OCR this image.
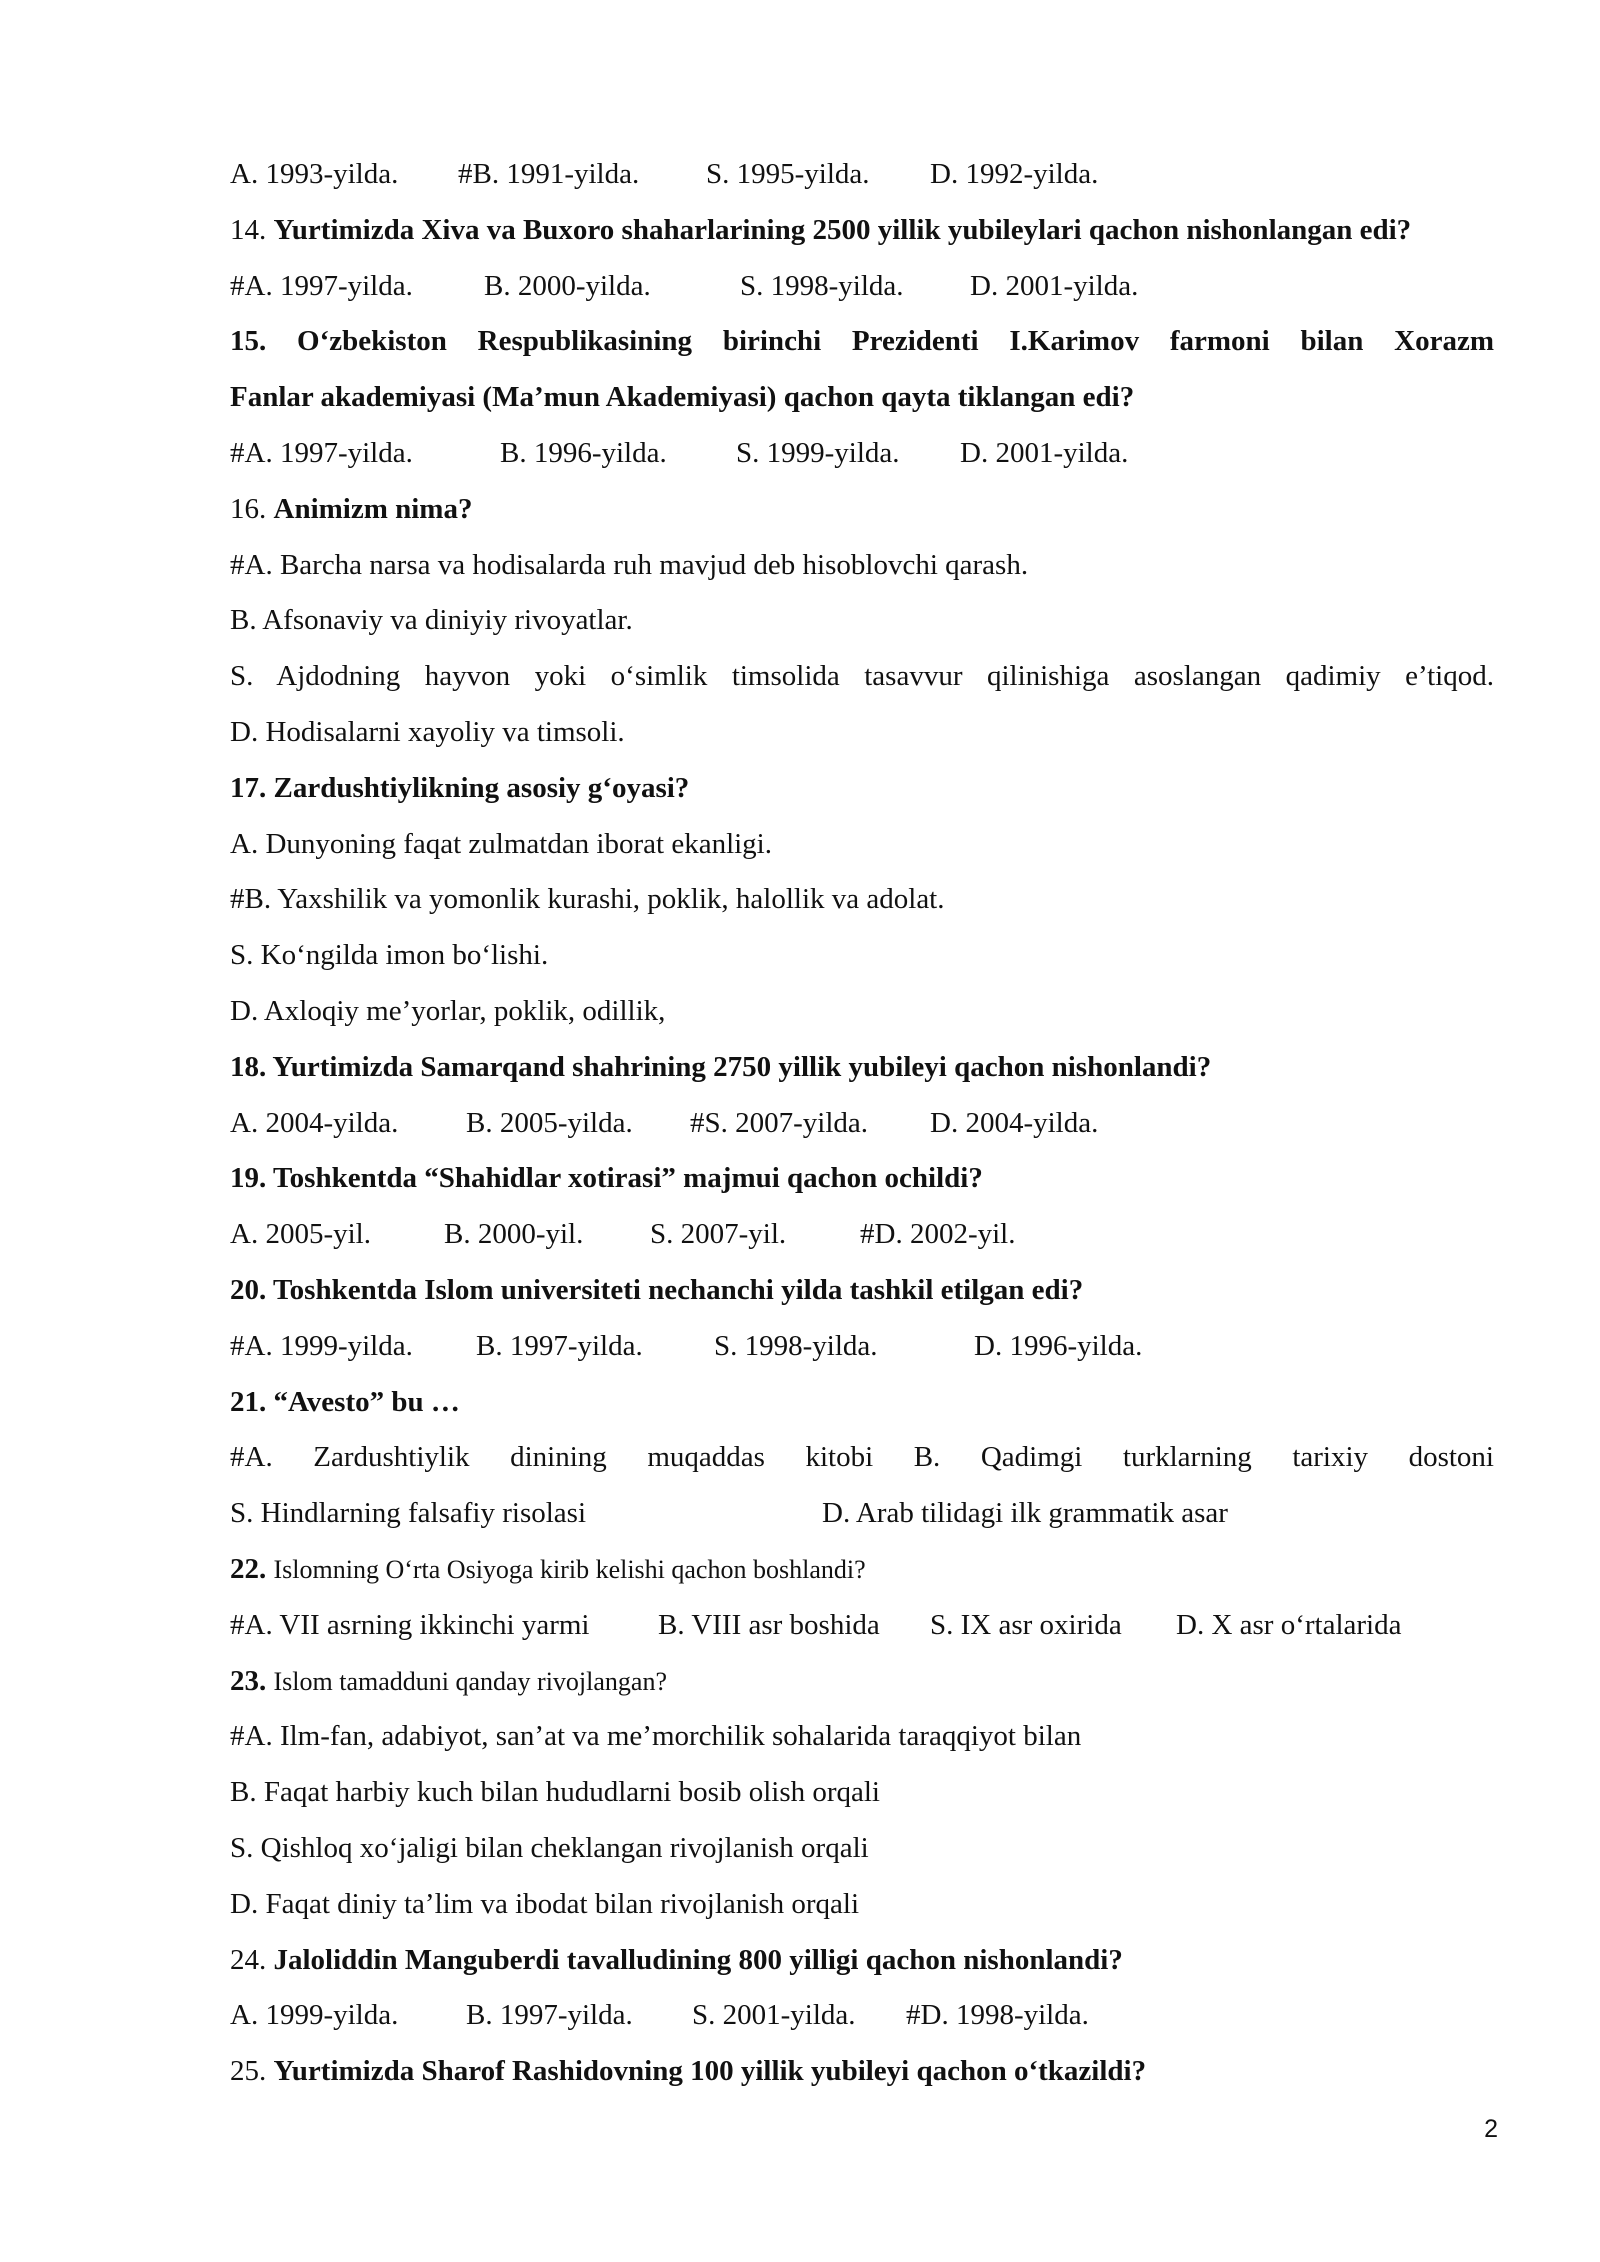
A. 1993-yilda. #B. 1991-yilda. S. 1995-yilda. D. 1992-yilda.
14. Yurtimizda Xiva va Buxoro shaharlarining 2500 yillik yubileylari qachon nishonlangan edi?
#A. 1997-yilda. B. 2000-yilda.	S. 1998-yilda. D. 2001-yilda.
15. O‘zbekiston Respublikasining birinchi Prezidenti I.Karimov farmoni bilan Xorazm
Fanlar akademiyasi (Ma’mun Akademiyasi) qachon qayta tiklangan edi?
#A. 1997-yilda.	B. 1996-yilda. S. 1999-yilda. D. 2001-yilda.
16. Animizm nima?
#A. Barcha narsa va hodisalarda ruh mavjud deb hisoblovchi qarash.
B. Afsonaviy va diniyiy rivoyatlar.
S. Ajdodning hayvon yoki o‘simlik timsolida tasavvur qilinishiga asoslangan qadimiy e’tiqod.
D. Hodisalarni xayoliy va timsoli.
17. Zardushtiylikning asosiy g‘oyasi?
A. Dunyoning faqat zulmatdan iborat ekanligi.
#B. Yaxshilik va yomonlik kurashi, poklik, halollik va adolat.
S. Ko‘ngilda imon bo‘lishi.
D. Axloqiy me’yorlar, poklik, odillik,
18. Yurtimizda Samarqand shahrining 2750 yillik yubileyi qachon nishonlandi?
A. 2004-yilda. B. 2005-yilda. #S. 2007-yilda. D. 2004-yilda.
19. Toshkentda “Shahidlar xotirasi” majmui qachon ochildi?
A. 2005-yil.	B. 2000-yil. S. 2007-yil.	#D. 2002-yil.
20. Toshkentda Islom universiteti nechanchi yilda tashkil etilgan edi?
#A. 1999-yilda. B. 1997-yilda. S. 1998-yilda.	D. 1996-yilda.
21. “Avesto” bu …
#A. Zardushtiylik dinining muqaddas kitobi B. Qadimgi turklarning tarixiy dostoni
S. Hindlarning falsafiy risolasi	D. Arab tilidagi ilk grammatik asar
22. Islomning O‘rta Osiyoga kirib kelishi qachon boshlandi?
#A. VII asrning ikkinchi yarmi B. VIII asr boshida S. IX asr oxirida D. X asr o‘rtalarida
23. Islom tamadduni qanday rivojlangan?
#A. Ilm-fan, adabiyot, san’at va me’morchilik sohalarida taraqqiyot bilan
B. Faqat harbiy kuch bilan hududlarni bosib olish orqali
S. Qishloq xo‘jaligi bilan cheklangan rivojlanish orqali
D. Faqat diniy ta’lim va ibodat bilan rivojlanish orqali
24. Jaloliddin Manguberdi tavalludining 800 yilligi qachon nishonlandi?
A. 1999-yilda. B. 1997-yilda. S. 2001-yilda. #D. 1998-yilda.
25. Yurtimizda Sharof Rashidovning 100 yillik yubileyi qachon o‘tkazildi?
2
